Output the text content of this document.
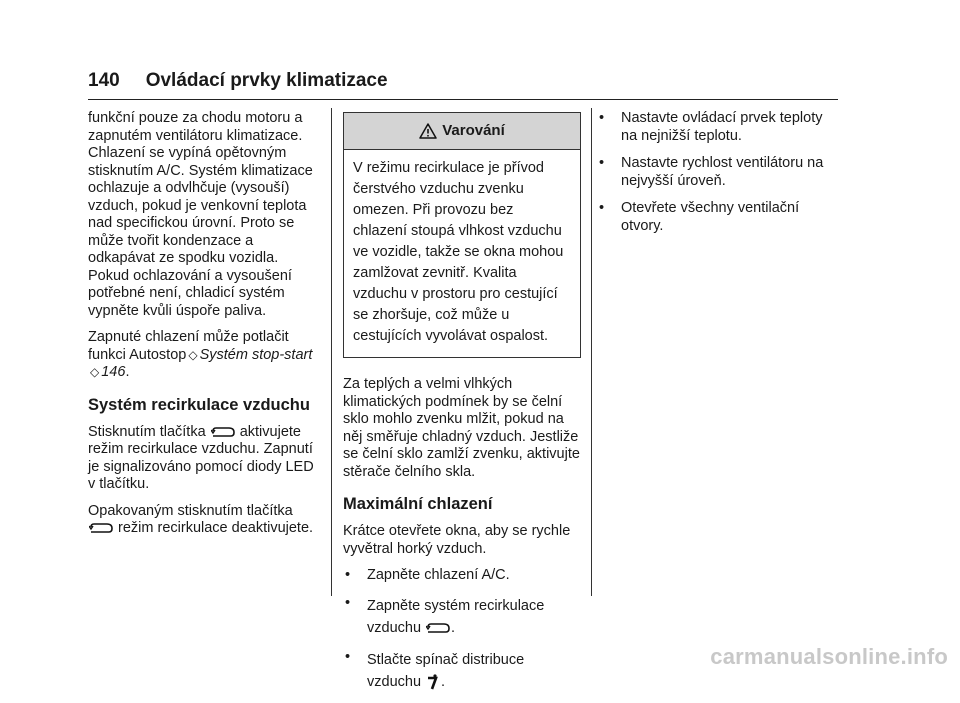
140 Ovládací prvky klimatizace

funkční pouze za chodu motoru a zapnutém ventilátoru klimatizace. Chlazení se vypíná opětovným stisknutím A/C. Systém klimatizace ochlazuje a odvlhčuje (vysouší) vzduch, pokud je venkovní teplota nad specifickou úrovní. Proto se může tvořit kondenzace a odkapávat ze spodku vozidla. Pokud ochlazování a vysoušení potřebné není, chladicí systém vypněte kvůli úspoře paliva.

Zapnuté chlazení může potlačit
funkci Autostop ◇ Systém stop-start
◇ 146.

Systém recirkulace vzduchu

Stisknutím tlačítka aktivujete režim recirkulace vzduchu. Zapnutí je signalizováno pomocí diody LED v tlačítku.

Opakovaným stisknutím tlačítka
režim recirkulace deaktivujete.

Varování
V režimu recirkulace je přívod čerstvého vzduchu zvenku omezen. Při provozu bez chlazení stoupá vlhkost vzduchu ve vozidle, takže se okna mohou zamlžovat zevnitř. Kvalita vzduchu v prostoru pro cestující se zhoršuje, což může u cestujících vyvolávat ospalost.

Za teplých a velmi vlhkých klimatických podmínek by se čelní sklo mohlo zvenku mlžit, pokud na něj směřuje chladný vzduch. Jestliže se čelní sklo zamlží zvenku, aktivujte stěrače čelního skla.

Maximální chlazení

Krátce otevřete okna, aby se rychle vyvětral horký vzduch.

•	Zapněte chlazení A/C.
•	Zapněte systém recirkulace
vzduchu .
•	Stlačte spínač distribuce
vzduchu .
•	Nastavte ovládací prvek teploty na nejnižší teplotu.
•	Nastavte rychlost ventilátoru na nejvyšší úroveň.
•	Otevřete všechny ventilační otvory.
carmanualsonline.info
